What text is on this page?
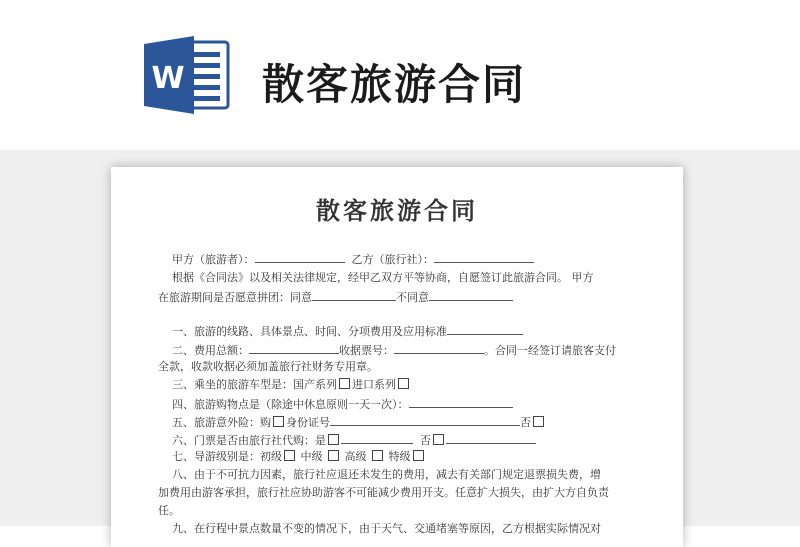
W 散客旅游合同
散客旅游合同
甲方（旅游者）：	乙方（旅行社）：
根据《合同法》以及相关法律规定，经甲乙双方平等协商，自愿签订此旅游合同。 甲方
在旅游期间是否愿意拼团：同意	不同意
一、旅游的线路、具体景点、时间、分项费用及应用标准
二、费用总额：	收据票号：	。合同一经签订请旅客支付
全款，收款收据必须加盖旅行社财务专用章。
三、乘坐的旅游车型是：国产系列 进口系列
四、旅游购物点是（除途中休息原则一天一次）：
五、旅游意外险：购 身份证号	否
六、门票是否由旅行社代购：是	否
七、导游级别是：初级 中级 高级 特级
八、由于不可抗力因素，旅行社应退还未发生的费用，减去有关部门规定退票损失费，增
加费用由游客承担，旅行社应协助游客不可能减少费用开支。任意扩大损失，由扩大方自负责
任。
九、在行程中景点数量不变的情况下，由于天气、交通堵塞等原因，乙方根据实际情况对
